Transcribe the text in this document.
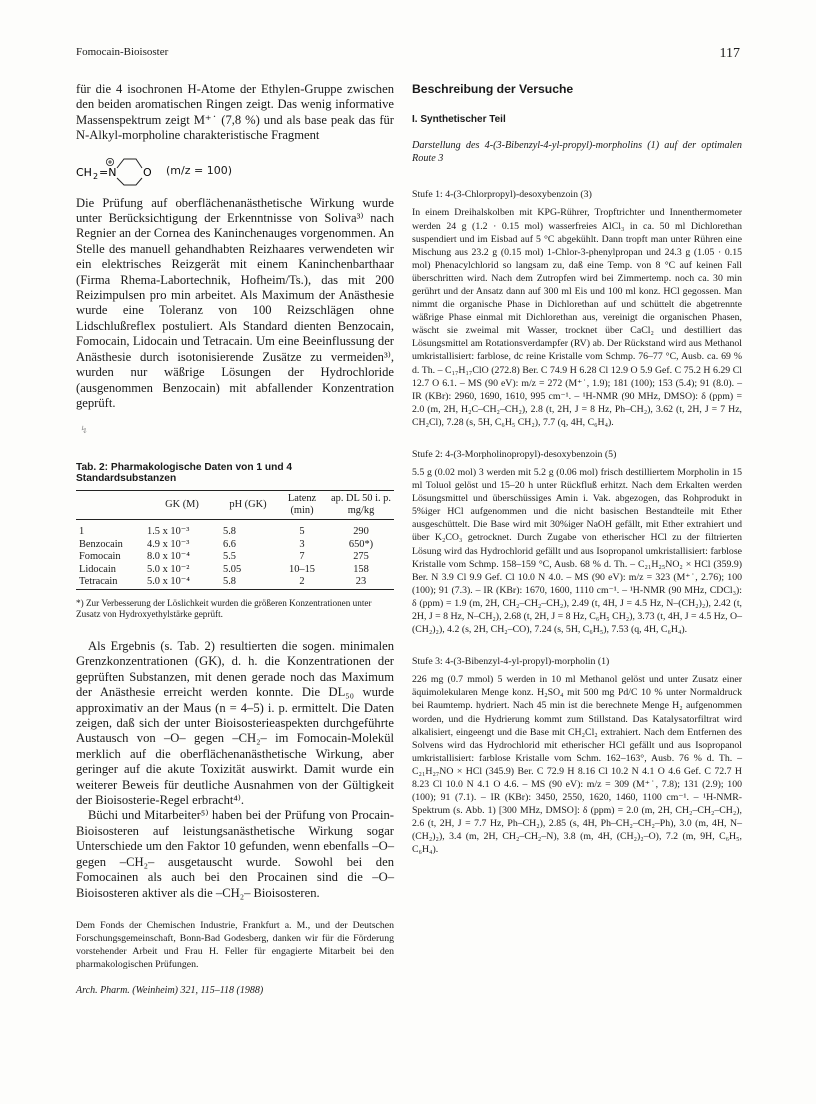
Fomocain-Bioisoster	117

für die 4 isochronen H-Atome der Ethylen-Gruppe zwischen den beiden aromatischen Ringen zeigt. Das wenig informative Massenspektrum zeigt M⁺˙ (7,8 %) und als base peak das für N-Alkyl-morpholine charakteristische Fragment

CH 2 =N O (m/z = 100)

Die Prüfung auf oberflächenanästhetische Wirkung wurde unter Berücksichtigung der Erkenntnisse von Soliva³⁾ nach Regnier an der Cornea des Kaninchenauges vorgenommen. An Stelle des manuell gehandhabten Reizhaares verwendeten wir ein elektrisches Reizgerät mit einem Kaninchenbarthaar (Firma Rhema-Labortechnik, Hofheim/Ts.), das mit 200 Reizimpulsen pro min arbeitet. Als Maximum der Anästhesie wurde eine Toleranz von 100 Reizschlägen ohne Lidschlußreflex postuliert. Als Standard dienten Benzocain, Fomocain, Lidocain und Tetracain. Um eine Beeinflussung der Anästhesie durch isotonisierende Zusätze zu vermeiden³⁾, wurden nur wäßrige Lösungen der Hydrochloride (ausgenommen Benzocain) mit abfallender Konzentration geprüft.

↯
Tab. 2: Pharmakologische Daten von 1 und 4 Standardsubstanzen
	GK (M)	pH (GK)	Latenz (min)	ap. DL 50 i. p. mg/kg
1	1.5 x 10⁻³	5.8	5	290
Benzocain	4.9 x 10⁻³	6.6	3	650*)
Fomocain	8.0 x 10⁻⁴	5.5	7	275
Lidocain	5.0 x 10⁻²	5.05	10–15	158
Tetracain	5.0 x 10⁻⁴	5.8	2	23

*) Zur Verbesserung der Löslichkeit wurden die größeren Konzentrationen unter Zusatz von Hydroxyethylstärke geprüft.

Als Ergebnis (s. Tab. 2) resultierten die sogen. minimalen Grenzkonzentrationen (GK), d. h. die Konzentrationen der geprüften Substanzen, mit denen gerade noch das Maximum der Anästhesie erreicht werden konnte. Die DL₅₀ wurde approximativ an der Maus (n = 4–5) i. p. ermittelt. Die Daten zeigen, daß sich der unter Bioisosterieaspekten durchgeführte Austausch von –O– gegen –CH₂– im Fomocain-Molekül merklich auf die oberflächenanästhetische Wirkung, aber geringer auf die akute Toxizität auswirkt. Damit wurde ein weiterer Beweis für deutliche Ausnahmen von der Gültigkeit der Bioisosterie-Regel erbracht⁴⁾.

Büchi und Mitarbeiter⁵⁾ haben bei der Prüfung von Procain-Bioisosteren auf leistungsanästhetische Wirkung sogar Unterschiede um den Faktor 10 gefunden, wenn ebenfalls –O– gegen –CH₂– ausgetauscht wurde. Sowohl bei den Fomocainen als auch bei den Procainen sind die –O– Bioisosteren aktiver als die –CH₂– Bioisosteren.

Dem Fonds der Chemischen Industrie, Frankfurt a. M., und der Deutschen Forschungsgemeinschaft, Bonn-Bad Godesberg, danken wir für die Förderung vorstehender Arbeit und Frau H. Feller für engagierte Mitarbeit bei den pharmakologischen Prüfungen.

Arch. Pharm. (Weinheim) 321, 115–118 (1988)
Beschreibung der Versuche
I. Synthetischer Teil
Darstellung des 4-(3-Bibenzyl-4-yl-propyl)-morpholins (1) auf der optimalen Route 3
Stufe 1: 4-(3-Chlorpropyl)-desoxybenzoin (3)

In einem Dreihalskolben mit KPG-Rührer, Tropftrichter und Innenthermometer werden 24 g (1.2 · 0.15 mol) wasserfreies AlCl₃ in ca. 50 ml Dichlorethan suspendiert und im Eisbad auf 5 °C abgekühlt. Dann tropft man unter Rühren eine Mischung aus 23.2 g (0.15 mol) 1-Chlor-3-phenylpropan und 24.3 g (1.05 · 0.15 mol) Phenacylchlorid so langsam zu, daß eine Temp. von 8 °C auf keinen Fall überschritten wird. Nach dem Zutropfen wird bei Zimmertemp. noch ca. 30 min gerührt und der Ansatz dann auf 300 ml Eis und 100 ml konz. HCl gegossen. Man nimmt die organische Phase in Dichlorethan auf und schüttelt die abgetrennte wäßrige Phase einmal mit Dichlorethan aus, vereinigt die organischen Phasen, wäscht sie zweimal mit Wasser, trocknet über CaCl₂ und destilliert das Lösungsmittel am Rotationsverdampfer (RV) ab. Der Rückstand wird aus Methanol umkristallisiert: farblose, dc reine Kristalle vom Schmp. 76–77 °C, Ausb. ca. 69 % d. Th. – C₁₇H₁₇ClO (272.8) Ber. C 74.9 H 6.28 Cl 12.9 O 5.9 Gef. C 75.2 H 6.29 Cl 12.7 O 6.1. – MS (90 eV): m/z = 272 (M⁺˙, 1.9); 181 (100); 153 (5.4); 91 (8.0). – IR (KBr): 2960, 1690, 1610, 995 cm⁻¹. – ¹H-NMR (90 MHz, DMSO): δ (ppm) = 2.0 (m, 2H, H₂C–CH₂–CH₂), 2.8 (t, 2H, J = 8 Hz, Ph–CH₂), 3.62 (t, 2H, J = 7 Hz, CH₂Cl), 7.28 (s, 5H, C₆H₅ CH₂), 7.7 (q, 4H, C₆H₄).

Stufe 2: 4-(3-Morpholinopropyl)-desoxybenzoin (5)

5.5 g (0.02 mol) 3 werden mit 5.2 g (0.06 mol) frisch destilliertem Morpholin in 15 ml Toluol gelöst und 15–20 h unter Rückfluß erhitzt. Nach dem Erkalten werden Lösungsmittel und überschüssiges Amin i. Vak. abgezogen, das Rohprodukt in 5%iger HCl aufgenommen und die nicht basischen Bestandteile mit Ether ausgeschüttelt. Die Base wird mit 30%iger NaOH gefällt, mit Ether extrahiert und über K₂CO₃ getrocknet. Durch Zugabe von etherischer HCl zu der filtrierten Lösung wird das Hydrochlorid gefällt und aus Isopropanol umkristallisiert: farblose Kristalle vom Schmp. 158–159 °C, Ausb. 68 % d. Th. – C₂₁H₂₅NO₂ × HCl (359.9) Ber. N 3.9 Cl 9.9 Gef. Cl 10.0 N 4.0. – MS (90 eV): m/z = 323 (M⁺˙, 2.76); 100 (100); 91 (7.3). – IR (KBr): 1670, 1600, 1110 cm⁻¹. – ¹H-NMR (90 MHz, CDCl₃): δ (ppm) = 1.9 (m, 2H, CH₂–CH₂–CH₂), 2.49 (t, 4H, J = 4.5 Hz, N–(CH₂)₂), 2.42 (t, 2H, J = 8 Hz, N–CH₂), 2.68 (t, 2H, J = 8 Hz, C₆H₅ CH₂), 3.73 (t, 4H, J = 4.5 Hz, O–(CH₂)₂), 4.2 (s, 2H, CH₂–CO), 7.24 (s, 5H, C₆H₅), 7.53 (q, 4H, C₆H₄).

Stufe 3: 4-(3-Bibenzyl-4-yl-propyl)-morpholin (1)

226 mg (0.7 mmol) 5 werden in 10 ml Methanol gelöst und unter Zusatz einer äquimolekularen Menge konz. H₂SO₄ mit 500 mg Pd/C 10 % unter Normaldruck bei Raumtemp. hydriert. Nach 45 min ist die berechnete Menge H₂ aufgenommen worden, und die Hydrierung kommt zum Stillstand. Das Katalysatorfiltrat wird alkalisiert, eingeengt und die Base mit CH₂Cl₂ extrahiert. Nach dem Entfernen des Solvens wird das Hydrochlorid mit etherischer HCl gefällt und aus Isopropanol umkristallisiert: farblose Kristalle vom Schm. 162–163°, Ausb. 76 % d. Th. – C₂₁H₂₇NO × HCl (345.9) Ber. C 72.9 H 8.16 Cl 10.2 N 4.1 O 4.6 Gef. C 72.7 H 8.23 Cl 10.0 N 4.1 O 4.6. – MS (90 eV): m/z = 309 (M⁺˙, 7.8); 131 (2.9); 100 (100); 91 (7.1). – IR (KBr): 3450, 2550, 1620, 1460, 1100 cm⁻¹. – ¹H-NMR-Spektrum (s. Abb. 1) [300 MHz, DMSO]: δ (ppm) = 2.0 (m, 2H, CH₂–CH₂–CH₂), 2.6 (t, 2H, J = 7.7 Hz, Ph–CH₂), 2.85 (s, 4H, Ph–CH₂–CH₂–Ph), 3.0 (m, 4H, N–(CH₂)₂), 3.4 (m, 2H, CH₂–CH₂–N), 3.8 (m, 4H, (CH₂)₂–O), 7.2 (m, 9H, C₆H₅, C₆H₄).
